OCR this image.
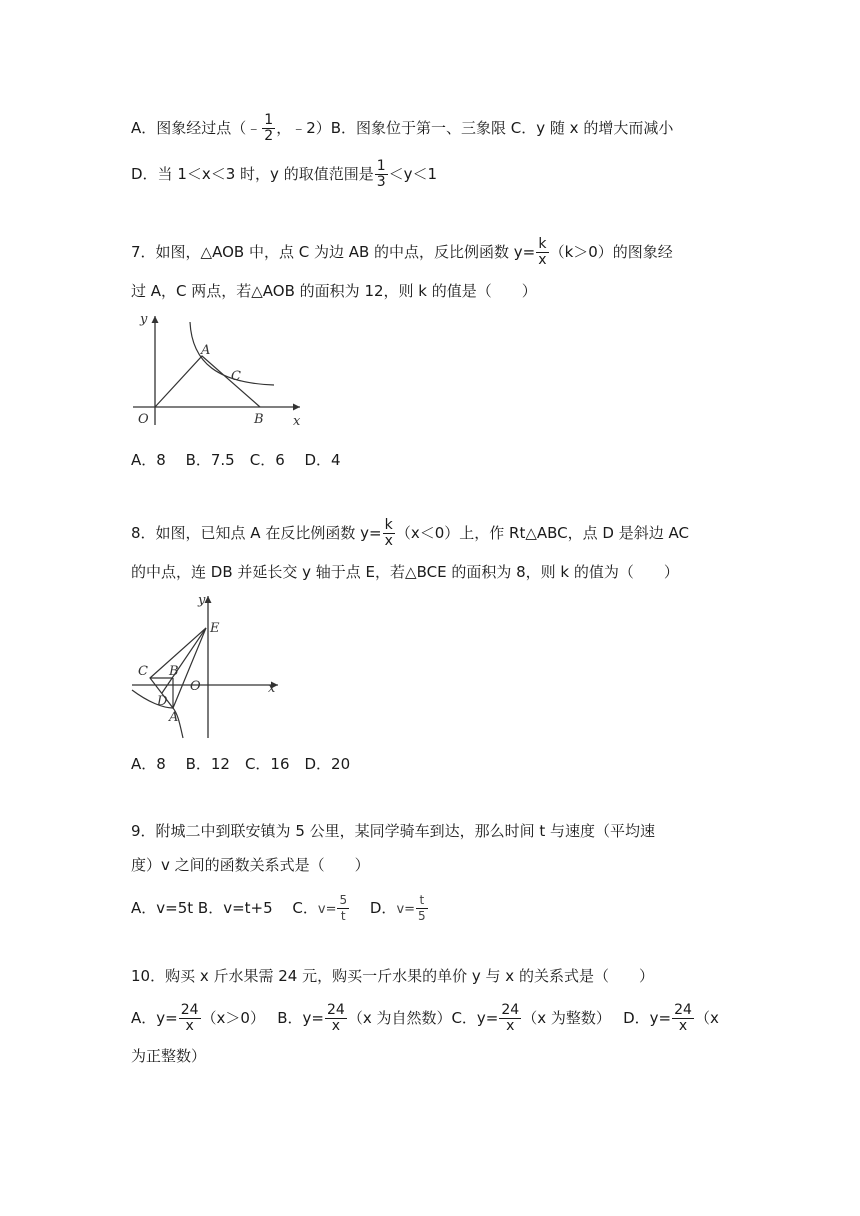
A．图象经过点（﹣ $\frac{1}{2}$ ，﹣2）B．图象位于第一、三象限 C．y 随 x 的增大而减小
D．当 1＜x＜3 时，y 的取值范围是 $\frac{1}{3} <y<1$
7．如图，△AOB 中，点 C 为边 AB 的中点，反比例函数 $y= \frac{k}{x} (k>0)$的图象经
过 A，C 两点，若△AOB 的面积为 12，则 k 的值是（　　）
y
A
C
O	B x
A．8　 B．7.5　C．6　 D．4
8．如图，已知点 A 在反比例函数 $y= \frac{k}{x} (x<0)$上，作 Rt△ABC，点 D 是斜边 AC
的中点，连 DB 并延长交 y 轴于点 E，若△BCE 的面积为 8，则 k 的值为（　　）
y
E
C B
O	x
D
A
A．8　 B．12　C．16　D．20
9．附城二中到联安镇为 5 公里，某同学骑车到达，那么时间 t 与速度（平均速
度）v 之间的函数关系式是（　　）
A．v=5t B．v=t+5　 C．$v= \frac{5}{t}$ 　 D．$v= \frac{t}{5}$
10．购买 x 斤水果需 24 元，购买一斤水果的单价 y 与 x 的关系式是（　　）
A．$y= \frac{24}{x} (x>0)$　 B．$y= \frac{24}{x} (x$ 为自然数）C．$y= \frac{24}{x} (x$ 为整数）　 D．$y= \frac{24}{x} (x$
为正整数）
